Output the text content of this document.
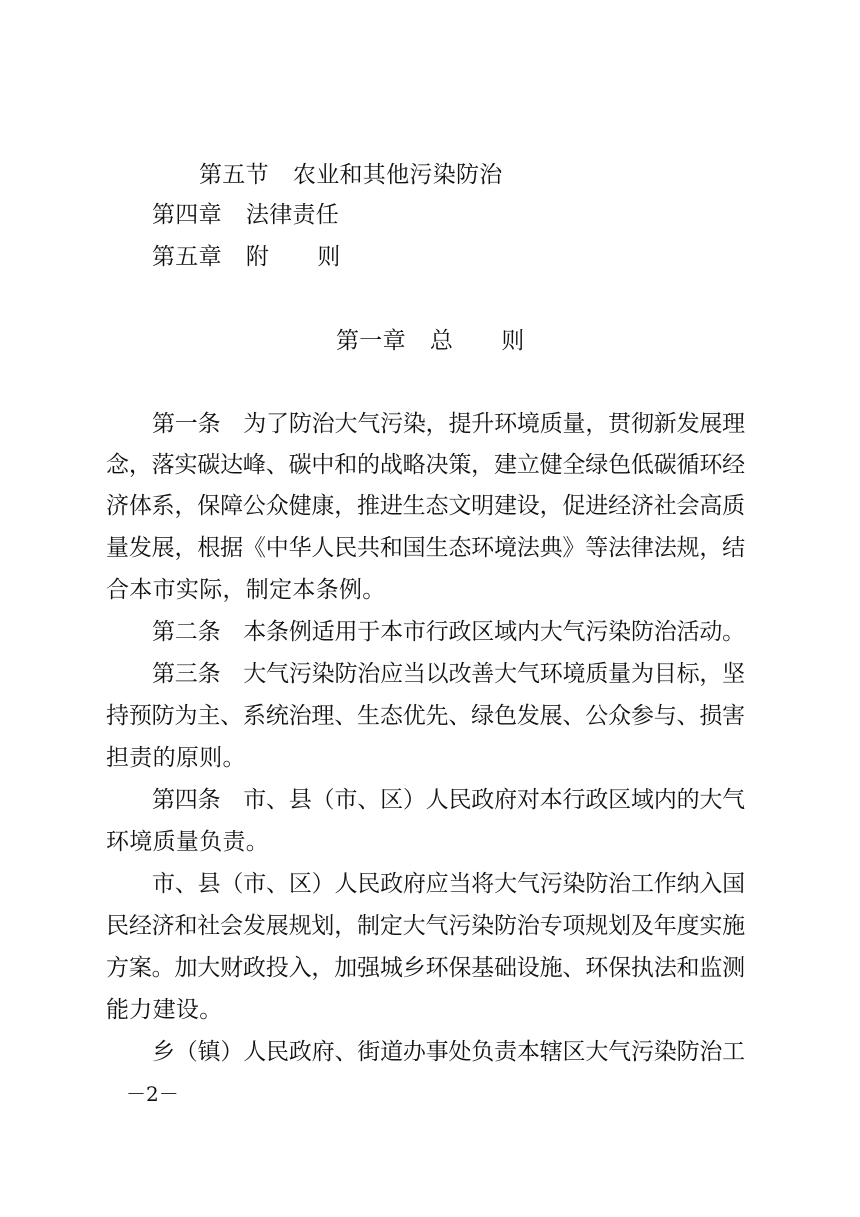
第五节 农业和其他污染防治
第四章 法律责任
第五章 附 则
第一章 总 则
第一条　为了防治大气污染，提升环境质量，贯彻新发展理
念，落实碳达峰、碳中和的战略决策，建立健全绿色低碳循环经
济体系，保障公众健康，推进生态文明建设，促进经济社会高质
量发展，根据《中华人民共和国生态环境法典》等法律法规，结
合本市实际，制定本条例。
第二条　本条例适用于本市行政区域内大气污染防治活动。
第三条　大气污染防治应当以改善大气环境质量为目标，坚
持预防为主、系统治理、生态优先、绿色发展、公众参与、损害
担责的原则。
第四条　市、县（市、区）人民政府对本行政区域内的大气
环境质量负责。
市、县（市、区）人民政府应当将大气污染防治工作纳入国
民经济和社会发展规划，制定大气污染防治专项规划及年度实施
方案。加大财政投入，加强城乡环保基础设施、环保执法和监测
能力建设。
乡（镇）人民政府、街道办事处负责本辖区大气污染防治工
－2－
